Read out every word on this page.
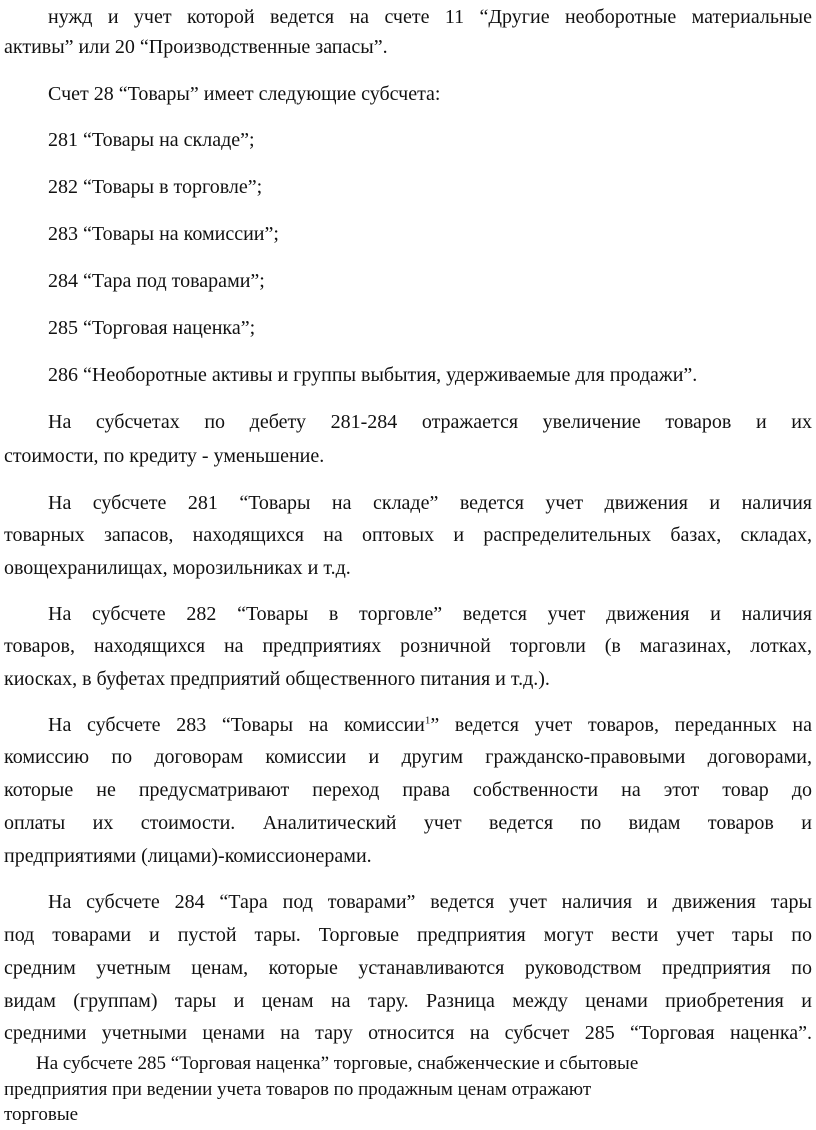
нужд и учет которой ведется на счете 11 “Другие необоротные материальные
активы” или 20 “Производственные запасы”.
Счет 28 “Товары” имеет следующие субсчета:
281 “Товары на складе”;
282 “Товары в торговле”;
283 “Товары на комиссии”;
284 “Тара под товарами”;
285 “Торговая наценка”;
286 “Необоротные активы и группы выбытия, удерживаемые для продажи”.
На субсчетах по дебету 281-284 отражается увеличение товаров и их
стоимости, по кредиту - уменьшение.
На субсчете 281 “Товары на складе” ведется учет движения и наличия
товарных запасов, находящихся на оптовых и распределительных базах, складах,
овощехранилищах, морозильниках и т.д.
На субсчете 282 “Товары в торговле” ведется учет движения и наличия
товаров, находящихся на предприятиях розничной торговли (в магазинах, лотках,
киосках, в буфетах предприятий общественного питания и т.д.).
На субсчете 283 “Товары на комиссии$^1$” ведется учет товаров, переданных на
комиссию по договорам комиссии и другим гражданско-правовыми договорами,
которые не предусматривают переход права собственности на этот товар до
оплаты их стоимости. Аналитический учет ведется по видам товаров и
предприятиями (лицами)-комиссионерами.
На субсчете 284 “Тара под товарами” ведется учет наличия и движения тары
под товарами и пустой тары. Торговые предприятия могут вести учет тары по
средним учетным ценам, которые устанавливаются руководством предприятия по
видам (группам) тары и ценам на тару. Разница между ценами приобретения и
средними учетными ценами на тару относится на субсчет 285 “Торговая наценка”.
На субсчете 285 “Торговая наценка” торговые, снабженческие и сбытовые
предприятия при ведении учета товаров по продажным ценам отражают
торговые
